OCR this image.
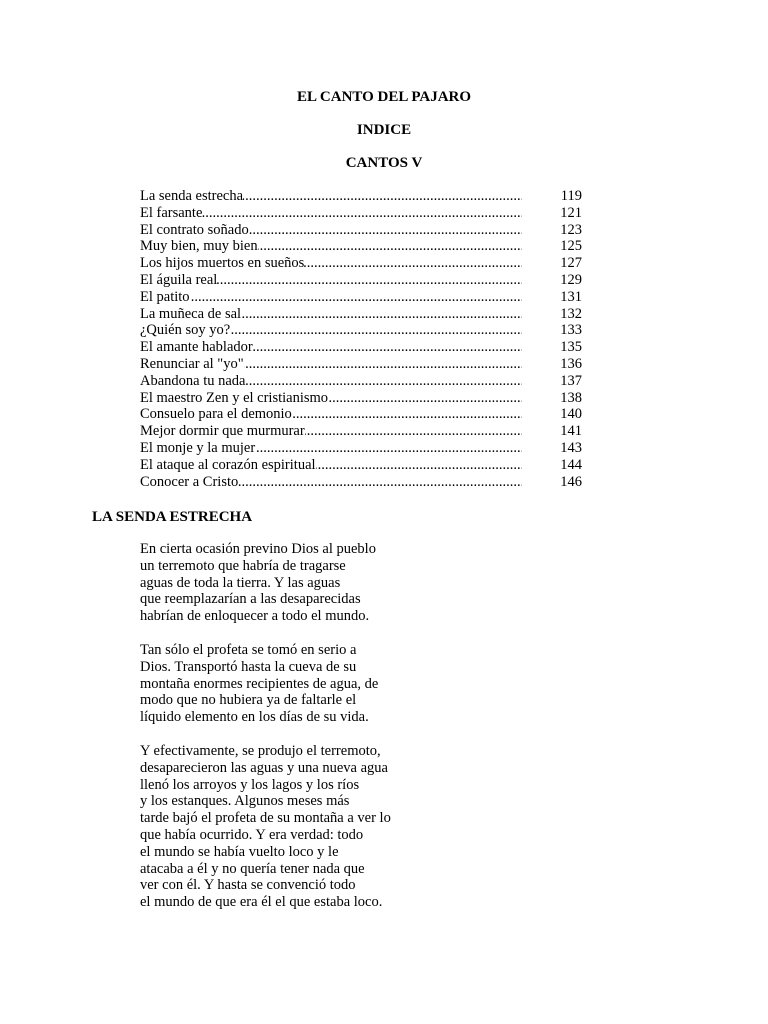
EL CANTO DEL PAJARO
INDICE
CANTOS V
La senda estrecha .....	119
El farsante .....	121
El contrato soñado .....	123
Muy bien, muy bien .....	125
Los hijos muertos en sueños .....	127
El águila real .....	129
El patito .....	131
La muñeca de sal .....	132
¿Quién soy yo? .....	133
El amante hablador .....	135
Renunciar al "yo" .....	136
Abandona tu nada .....	137
El maestro Zen y el cristianismo .....	138
Consuelo para el demonio .....	140
Mejor dormir que murmurar .....	141
El monje y la mujer .....	143
El ataque al corazón espiritual .....	144
Conocer a Cristo .....	146
LA SENDA ESTRECHA
En cierta ocasión previno Dios al pueblo
un terremoto que habría de tragarse
aguas de toda la tierra. Y las aguas
que reemplazarían a las desaparecidas
habrían de enloquecer a todo el mundo.
Tan sólo el profeta se tomó en serio a
Dios. Transportó hasta la cueva de su
montaña enormes recipientes de agua, de
modo que no hubiera ya de faltarle el
líquido elemento en los días de su vida.
Y efectivamente, se produjo el terremoto,
desaparecieron las aguas y una nueva agua
llenó los arroyos y los lagos y los ríos
y los estanques. Algunos meses más
tarde bajó el profeta de su montaña a ver lo
que había ocurrido. Y era verdad: todo
el mundo se había vuelto loco y le
atacaba a él y no quería tener nada que
ver con él. Y hasta se convenció todo
el mundo de que era él el que estaba loco.
